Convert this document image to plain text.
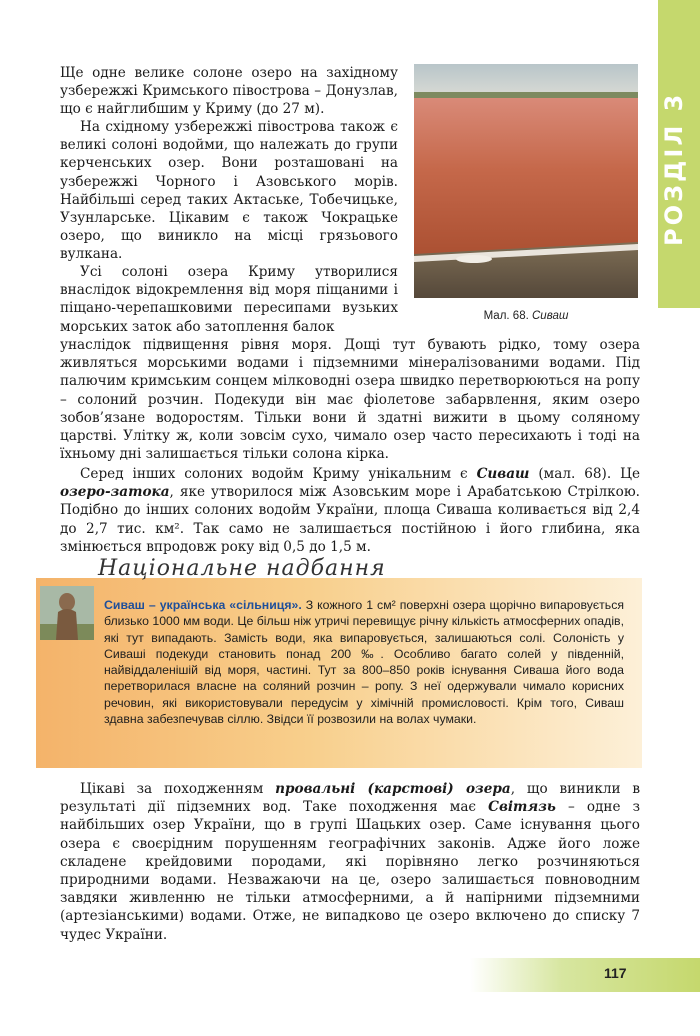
РОЗДІЛ 3

Ще одне велике солоне озеро на західному узбережжі Кримського півострова – Донузлав, що є найглибшим у Криму (до 27 м).

На східному узбережжі півострова також є великі солоні водойми, що належать до групи керченських озер. Вони розташовані на узбережжі Чорного і Азовського морів. Найбільші серед таких Актаське, Тобечицьке, Узунларське. Цікавим є також Чокрацьке озеро, що виникло на місці грязьового вулкана.

Усі солоні озера Криму утворилися внаслідок відокремлення від моря піщаними і піщано-черепашковими пересипами вузьких морських заток або затоплення балок

унаслідок підвищення рівня моря. Дощі тут бувають рідко, тому озера живляться морськими водами і підземними мінералізованими водами. Під палючим кримським сонцем мілководні озера швидко перетворюються на ропу – солоний розчин. Подекуди він має фіолетове забарвлення, яким озеро зобов’язане водоростям. Тільки вони й здатні вижити в цьому соляному царстві. Улітку ж, коли зовсім сухо, чимало озер часто пересихають і тоді на їхньому дні залишається тільки солона кірка.

Мал. 68. Сиваш

Серед інших солоних водойм Криму унікальним є Сиваш (мал. 68). Це озеро-затока, яке утворилося між Азовським море і Арабатською Стрілкою. Подібно до інших солоних водойм України, площа Сиваша коливається від 2,4 до 2,7 тис. км². Так само не залишається постійною і його глибина, яка змінюється впродовж року від 0,5 до 1,5 м.

Національне надбання

Сиваш – українська «сільниця». З кожного 1 см² поверхні озера щорічно випаровується близько 1000 мм води. Це більш ніж утричі перевищує річну кількість атмосферних опадів, які тут випадають. Замість води, яка випаровується, залишаються солі. Солоність у Сиваші подекуди становить понад 200 ‰. Особливо багато солей у південній, найвіддаленішій від моря, частині. Тут за 800–850 років існування Сиваша його вода перетворилася власне на соляний розчин – ропу. З неї одержували чимало корисних речовин, які використовували передусім у хімічній промисловості. Крім того, Сиваш здавна забезпечував сіллю. Звідси її розвозили на волах чумаки.

Цікаві за походженням провальні (карстові) озера, що виникли в результаті дії підземних вод. Таке походження має Світязь – одне з найбільших озер України, що в групі Шацьких озер. Саме існування цього озера є своєрідним порушенням географічних законів. Адже його ложе складене крейдовими породами, які порівняно легко розчиняються природними водами. Незважаючи на це, озеро залишається повноводним завдяки живленню не тільки атмосферними, а й напірними підземними (артезіанськими) водами. Отже, не випадково це озеро включено до списку 7 чудес України.

117
